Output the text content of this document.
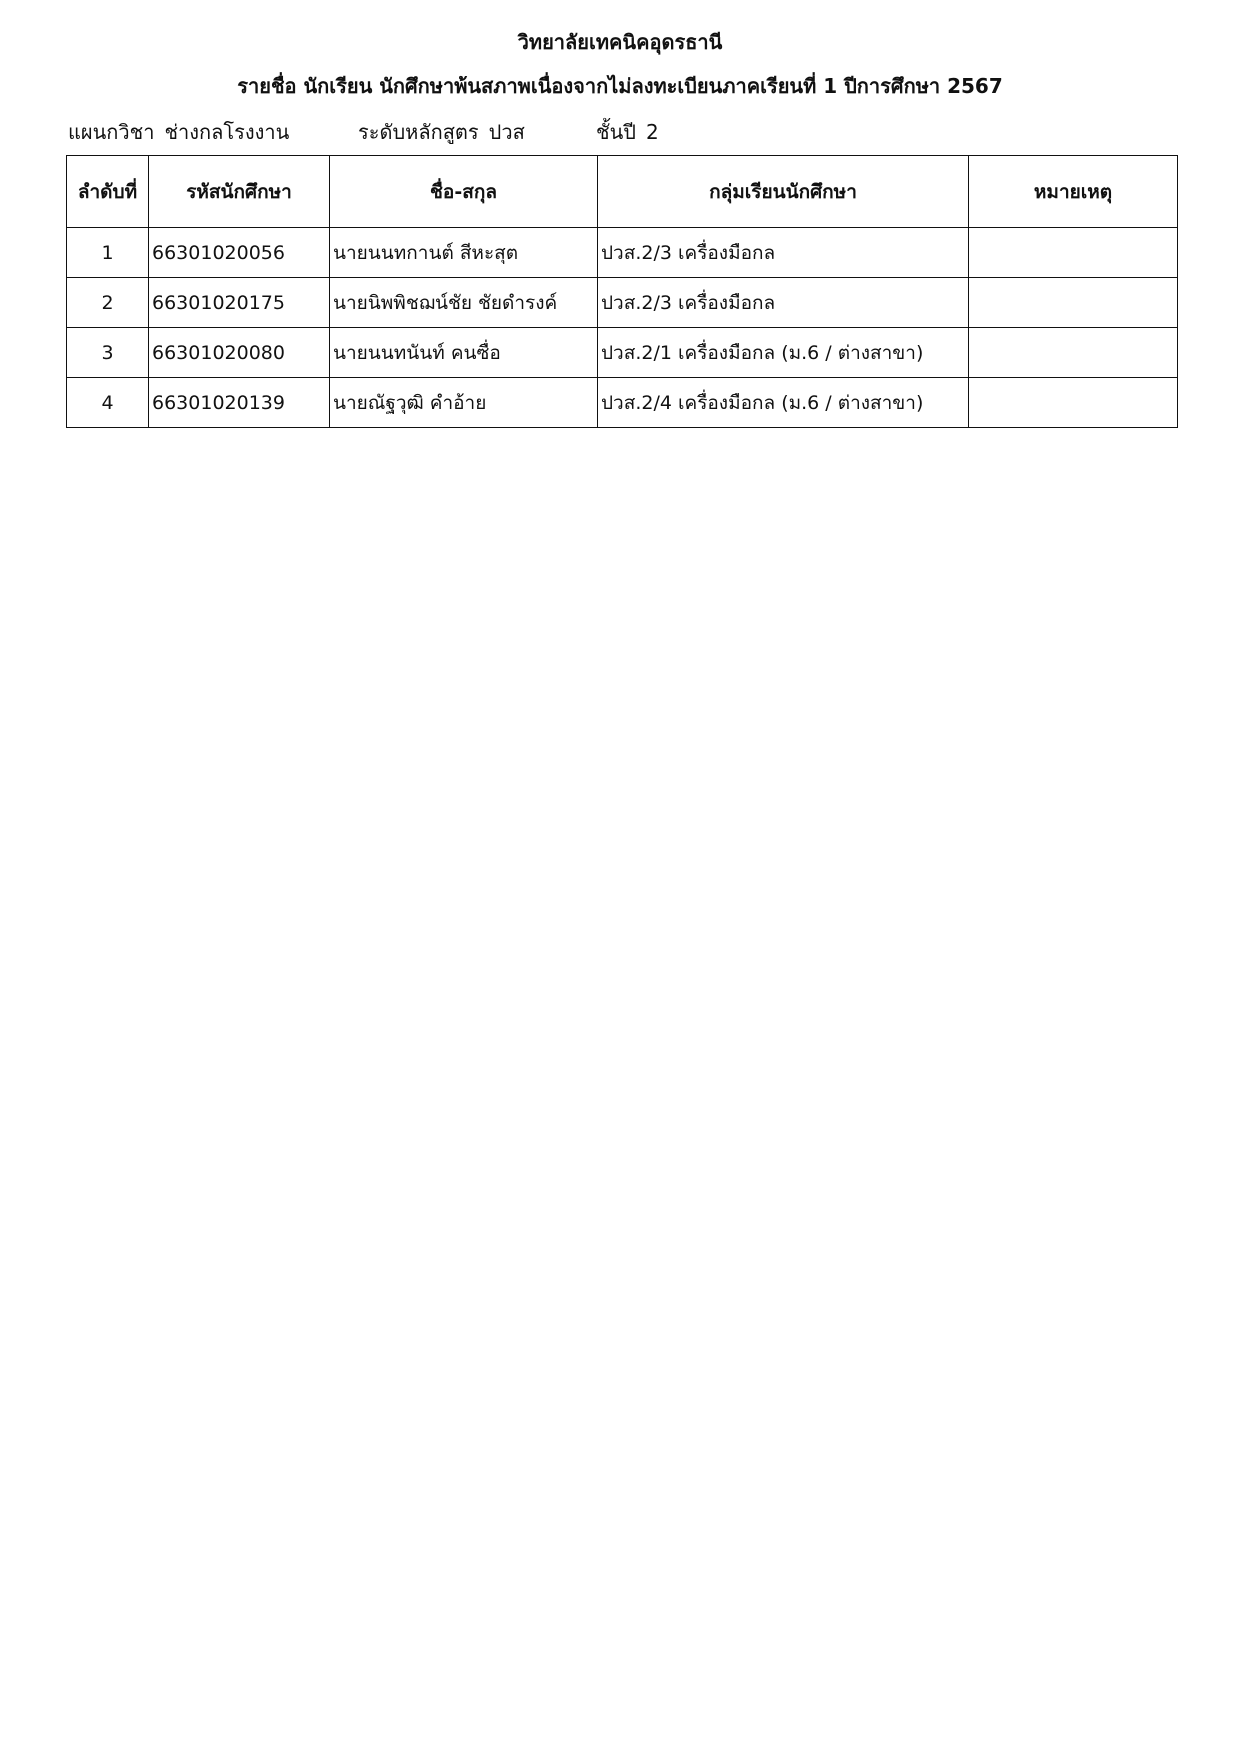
วิทยาลัยเทคนิคอุดรธานี
รายชื่อ นักเรียน นักศึกษาพ้นสภาพเนื่องจากไม่ลงทะเบียนภาคเรียนที่ 1 ปีการศึกษา 2567
แผนกวิชา ช่างกลโรงงาน	ระดับหลักสูตร ปวส	ชั้นปี 2
ลำดับที่	รหัสนักศึกษา	ชื่อ-สกุล	กลุ่มเรียนนักศึกษา	หมายเหตุ
1	66301020056	นายนนทกานต์ สีหะสุต	ปวส.2/3 เครื่องมือกล	
2	66301020175	นายนิพพิชฌน์ชัย ชัยดำรงค์	ปวส.2/3 เครื่องมือกล	
3	66301020080	นายนนทนันท์ คนซื่อ	ปวส.2/1 เครื่องมือกล (ม.6 / ต่างสาขา)	
4	66301020139	นายณัฐวุฒิ คำอ้าย	ปวส.2/4 เครื่องมือกล (ม.6 / ต่างสาขา)	
